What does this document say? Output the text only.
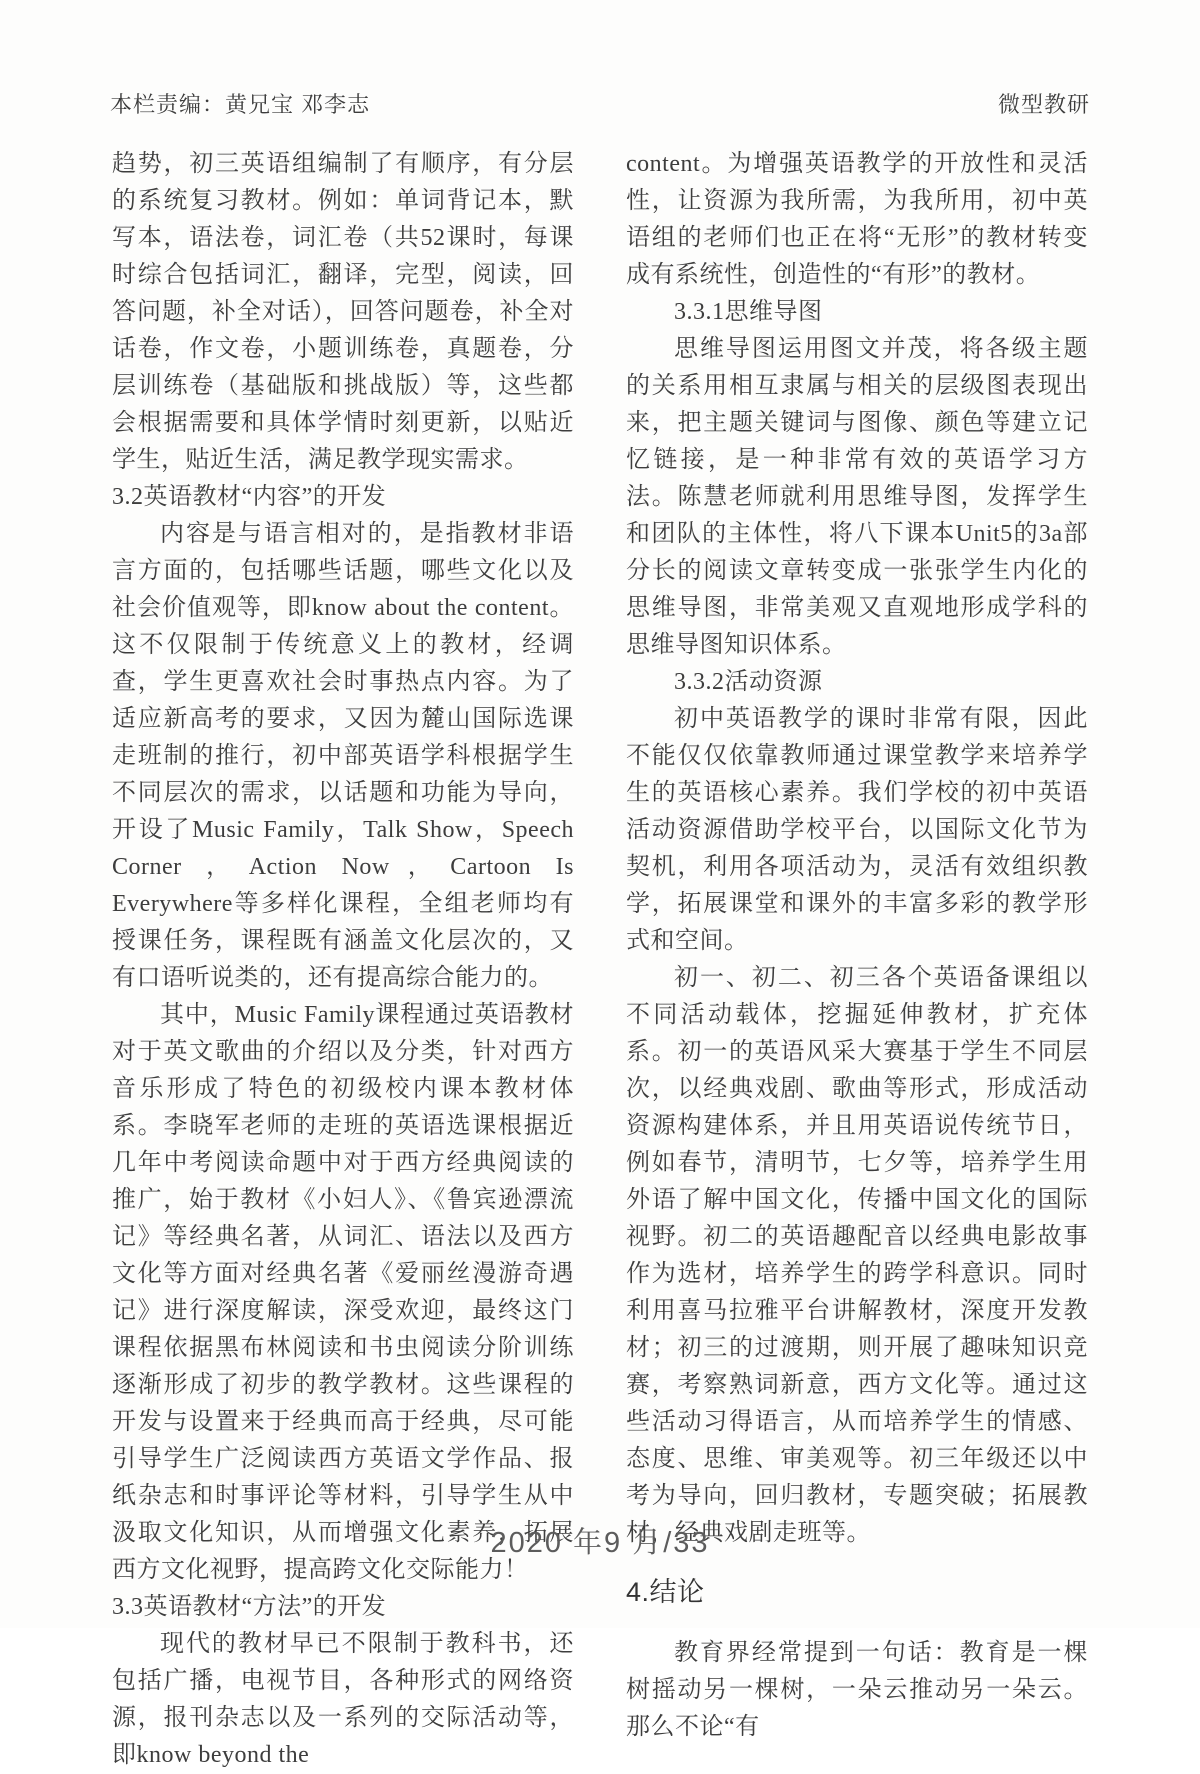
本栏责编：黄兄宝 邓李志	微型教研

趋势，初三英语组编制了有顺序，有分层的系统复习教材。例如：单词背记本，默写本，语法卷，词汇卷（共52课时，每课时综合包括词汇，翻译，完型，阅读，回答问题，补全对话），回答问题卷，补全对话卷，作文卷，小题训练卷，真题卷，分层训练卷（基础版和挑战版）等，这些都会根据需要和具体学情时刻更新，以贴近学生，贴近生活，满足教学现实需求。

3.2英语教材“内容”的开发

内容是与语言相对的，是指教材非语言方面的，包括哪些话题，哪些文化以及社会价值观等，即know about the content。这不仅限制于传统意义上的教材，经调查，学生更喜欢社会时事热点内容。为了适应新高考的要求，又因为麓山国际选课走班制的推行，初中部英语学科根据学生不同层次的需求，以话题和功能为导向，开设了Music Family，Talk Show，Speech Corner ，Action Now，Cartoon Is Everywhere等多样化课程，全组老师均有授课任务，课程既有涵盖文化层次的，又有口语听说类的，还有提高综合能力的。

其中，Music Family课程通过英语教材对于英文歌曲的介绍以及分类，针对西方音乐形成了特色的初级校内课本教材体系。李晓军老师的走班的英语选课根据近几年中考阅读命题中对于西方经典阅读的推广，始于教材《小妇人》、《鲁宾逊漂流记》等经典名著，从词汇、语法以及西方文化等方面对经典名著《爱丽丝漫游奇遇记》进行深度解读，深受欢迎，最终这门课程依据黑布林阅读和书虫阅读分阶训练逐渐形成了初步的教学教材。这些课程的开发与设置来于经典而高于经典，尽可能引导学生广泛阅读西方英语文学作品、报纸杂志和时事评论等材料，引导学生从中汲取文化知识，从而增强文化素养，拓展西方文化视野，提高跨文化交际能力！

3.3英语教材“方法”的开发

现代的教材早已不限制于教科书，还包括广播，电视节目，各种形式的网络资源，报刊杂志以及一系列的交际活动等，即know beyond the

content。为增强英语教学的开放性和灵活性，让资源为我所需，为我所用，初中英语组的老师们也正在将“无形”的教材转变成有系统性，创造性的“有形”的教材。

3.3.1思维导图

思维导图运用图文并茂，将各级主题的关系用相互隶属与相关的层级图表现出来，把主题关键词与图像、颜色等建立记忆链接，是一种非常有效的英语学习方法。陈慧老师就利用思维导图，发挥学生和团队的主体性，将八下课本Unit5的3a部分长的阅读文章转变成一张张学生内化的思维导图，非常美观又直观地形成学科的思维导图知识体系。

3.3.2活动资源

初中英语教学的课时非常有限，因此不能仅仅依靠教师通过课堂教学来培养学生的英语核心素养。我们学校的初中英语活动资源借助学校平台，以国际文化节为契机，利用各项活动为，灵活有效组织教学，拓展课堂和课外的丰富多彩的教学形式和空间。

初一、初二、初三各个英语备课组以不同活动载体，挖掘延伸教材，扩充体系。初一的英语风采大赛基于学生不同层次，以经典戏剧、歌曲等形式，形成活动资源构建体系，并且用英语说传统节日，例如春节，清明节，七夕等，培养学生用外语了解中国文化，传播中国文化的国际视野。初二的英语趣配音以经典电影故事作为选材，培养学生的跨学科意识。同时利用喜马拉雅平台讲解教材，深度开发教材；初三的过渡期，则开展了趣味知识竞赛，考察熟词新意，西方文化等。通过这些活动习得语言，从而培养学生的情感、态度、思维、审美观等。初三年级还以中考为导向，回归教材，专题突破；拓展教材，经典戏剧走班等。

4.结论

教育界经常提到一句话：教育是一棵树摇动另一棵树，一朵云推动另一朵云。那么不论“有

2020 年9 月/33
